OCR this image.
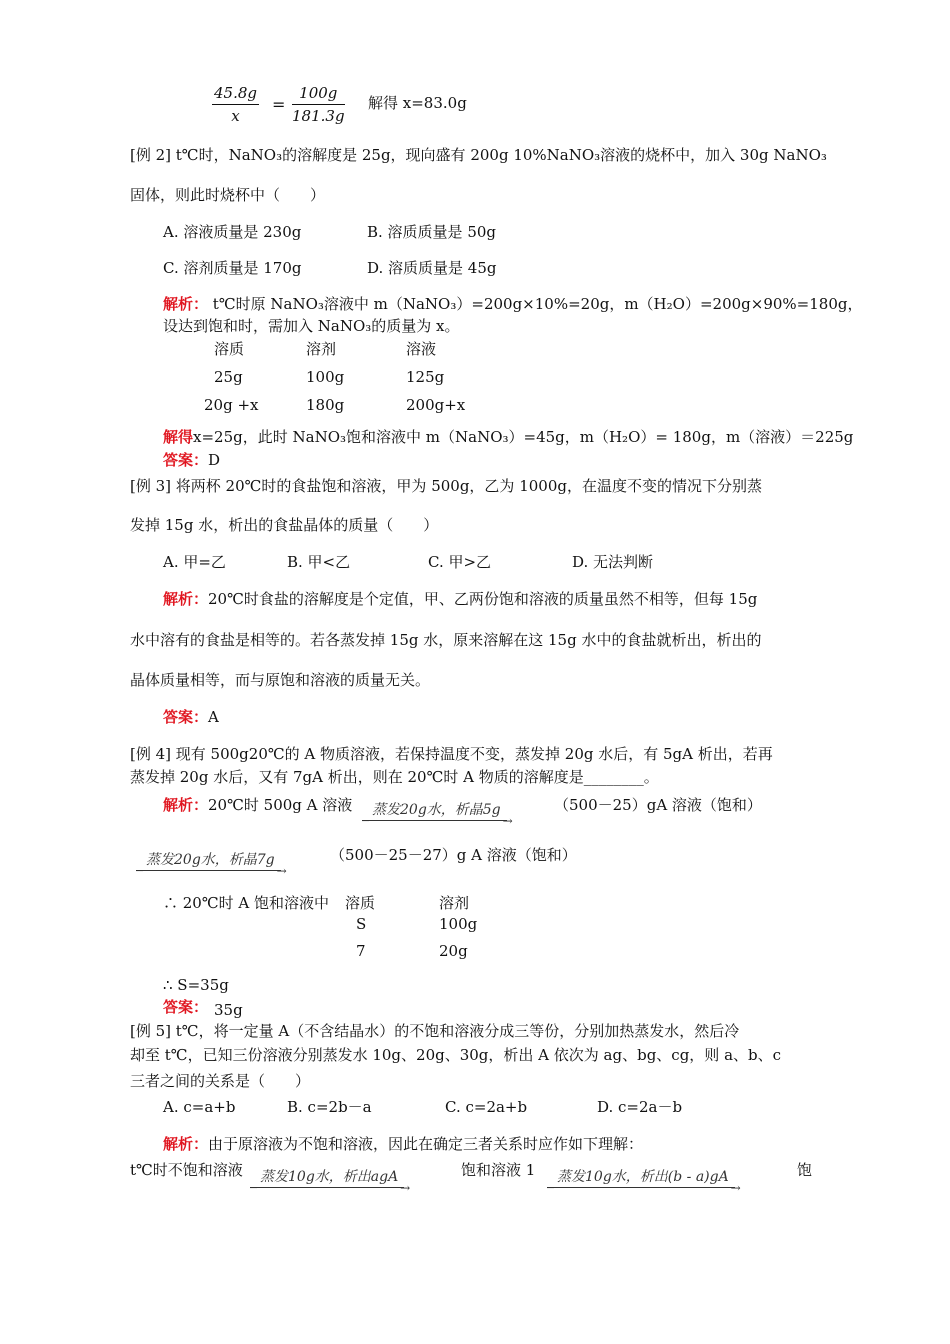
$\frac{45.8g}{x} = \frac{100g}{181.3g}$ 解得 x=83.0g
[例 2] t℃时，NaNO₃的溶解度是 25g，现向盛有 200g 10%NaNO₃溶液的烧杯中，加入 30g NaNO₃
固体，则此时烧杯中（　　）
A. 溶液质量是 230g	B. 溶质质量是 50g
C. 溶剂质量是 170g	D. 溶质质量是 45g
解析： t℃时原 NaNO₃溶液中 m（NaNO₃）=200g×10%=20g，m（H₂O）=200g×90%=180g，
设达到饱和时，需加入 NaNO₃的质量为 x。
溶质	溶剂	溶液
25g	100g	125g
20g +x	180g	200g+x
解得x=25g，此时 NaNO₃饱和溶液中 m（NaNO₃）=45g，m（H₂O）= 180g，m（溶液）＝225g
答案：D
[例 3] 将两杯 20℃时的食盐饱和溶液，甲为 500g，乙为 1000g，在温度不变的情况下分别蒸
发掉 15g 水，析出的食盐晶体的质量（　　）
A. 甲=乙	B. 甲<乙	C. 甲>乙	D. 无法判断
解析：20℃时食盐的溶解度是个定值，甲、乙两份饱和溶液的质量虽然不相等，但每 15g
水中溶有的食盐是相等的。若各蒸发掉 15g 水，原来溶解在这 15g 水中的食盐就析出，析出的
晶体质量相等，而与原饱和溶液的质量无关。
答案：A
[例 4] 现有 500g20℃的 A 物质溶液，若保持温度不变，蒸发掉 20g 水后，有 5gA 析出，若再
蒸发掉 20g 水后，又有 7gA 析出，则在 20℃时 A 物质的溶解度是________。
解析：20℃时 500g A 溶液 _ 蒸发20g水，析晶5g
→
（500－25）gA 溶液（饱和）
_ 蒸发20g水，析晶7g
→
（500－25－27）g A 溶液（饱和）
∴ 20℃时 A 饱和溶液中 溶质	溶剂
S	100g
7	20g
∴ S=35g
答案： 35g
[例 5] t℃，将一定量 A（不含结晶水）的不饱和溶液分成三等份，分别加热蒸发水，然后冷
却至 t℃，已知三份溶液分别蒸发水 10g、20g、30g，析出 A 依次为 ag、bg、cg，则 a、b、c
三者之间的关系是（　　）
A. c=a+b	B. c=2b－a	C. c=2a+b	D. c=2a－b
解析：由于原溶液为不饱和溶液，因此在确定三者关系时应作如下理解：
t℃时不饱和溶液
_ 蒸发10g水，析出agA
→
饱和溶液 1
_ 蒸发10g水，析出(b - a)gA
→
饱
